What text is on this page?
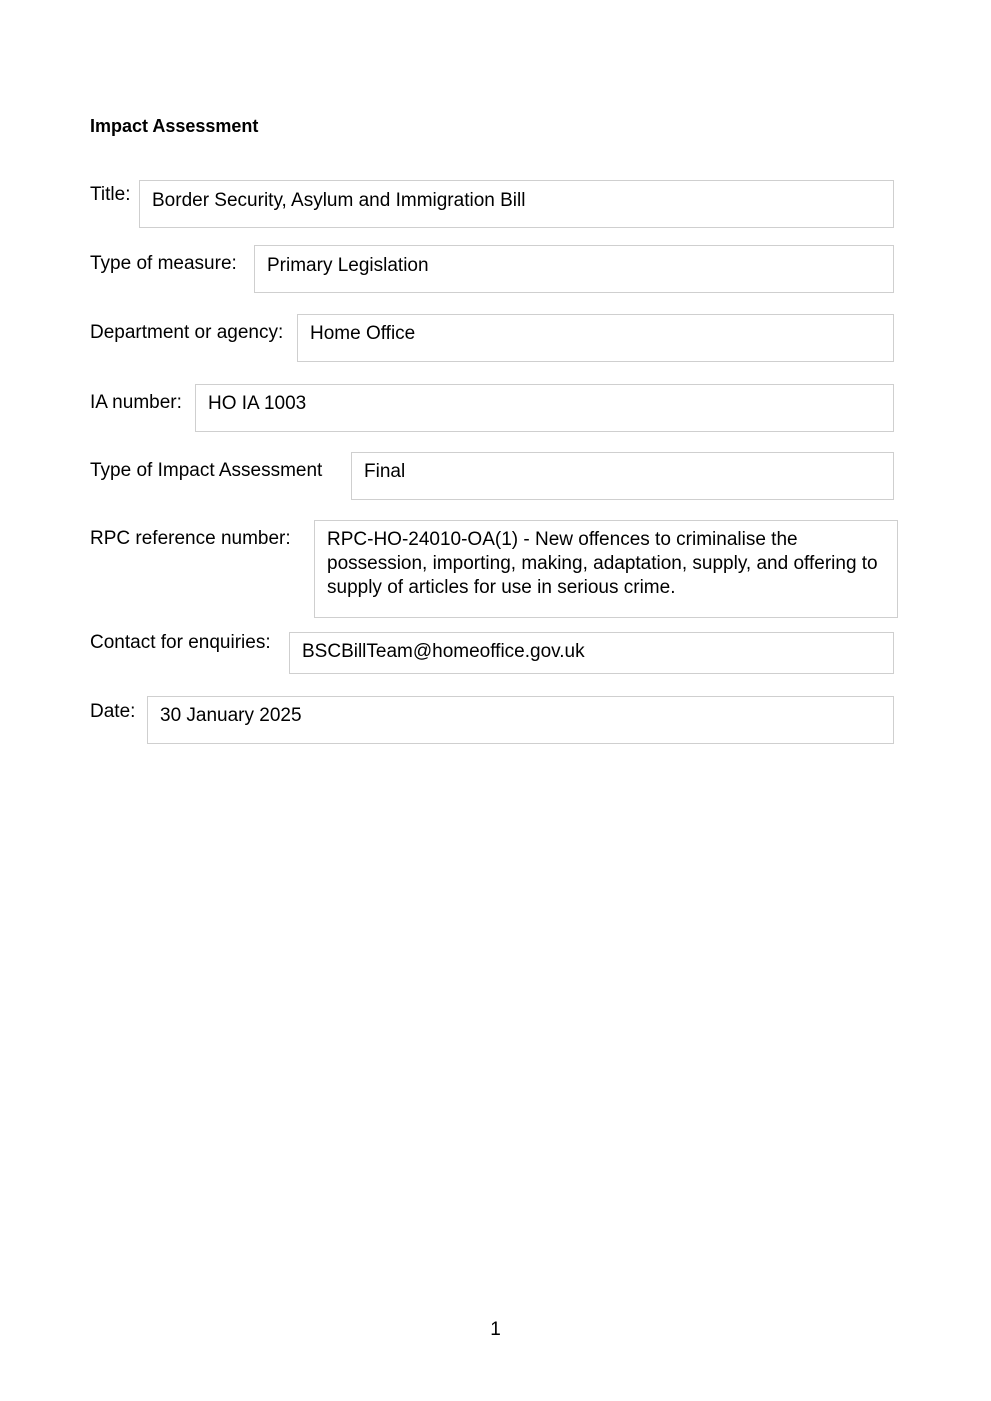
Impact Assessment
Title: Border Security, Asylum and Immigration Bill
Type of measure: Primary Legislation
Department or agency: Home Office
IA number: HO IA 1003
Type of Impact Assessment Final
RPC reference number: RPC-HO-24010-OA(1) - New offences to criminalise the possession, importing, making, adaptation, supply, and offering to supply of articles for use in serious crime.
Contact for enquiries: BSCBillTeam@homeoffice.gov.uk
Date: 30 January 2025
1
